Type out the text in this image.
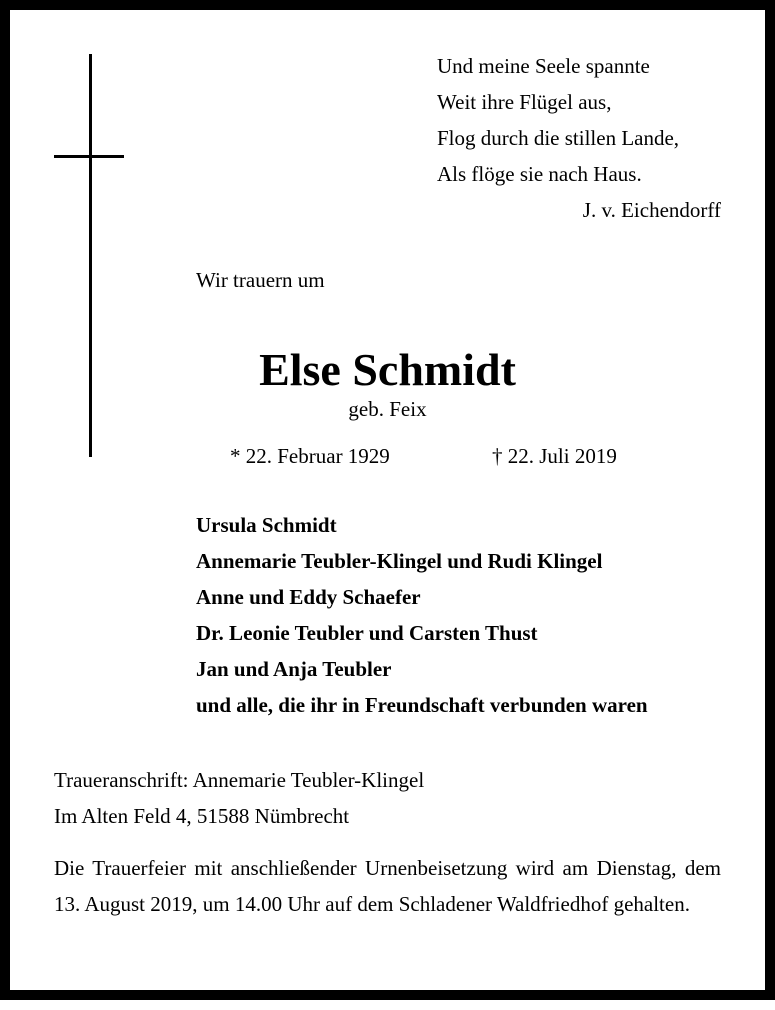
Und meine Seele spannte
Weit ihre Flügel aus,
Flog durch die stillen Lande,
Als flöge sie nach Haus.
J. v. Eichendorff
Wir trauern um
Else Schmidt
geb. Feix
* 22. Februar 1929	† 22. Juli 2019
Ursula Schmidt
Annemarie Teubler-Klingel und Rudi Klingel
Anne und Eddy Schaefer
Dr. Leonie Teubler und Carsten Thust
Jan und Anja Teubler
und alle, die ihr in Freundschaft verbunden waren
Traueranschrift: Annemarie Teubler-Klingel
Im Alten Feld 4, 51588 Nümbrecht
Die Trauerfeier mit anschließender Urnenbeisetzung wird am Dienstag, dem 13. August 2019, um 14.00 Uhr auf dem Schladener Waldfriedhof gehalten.
